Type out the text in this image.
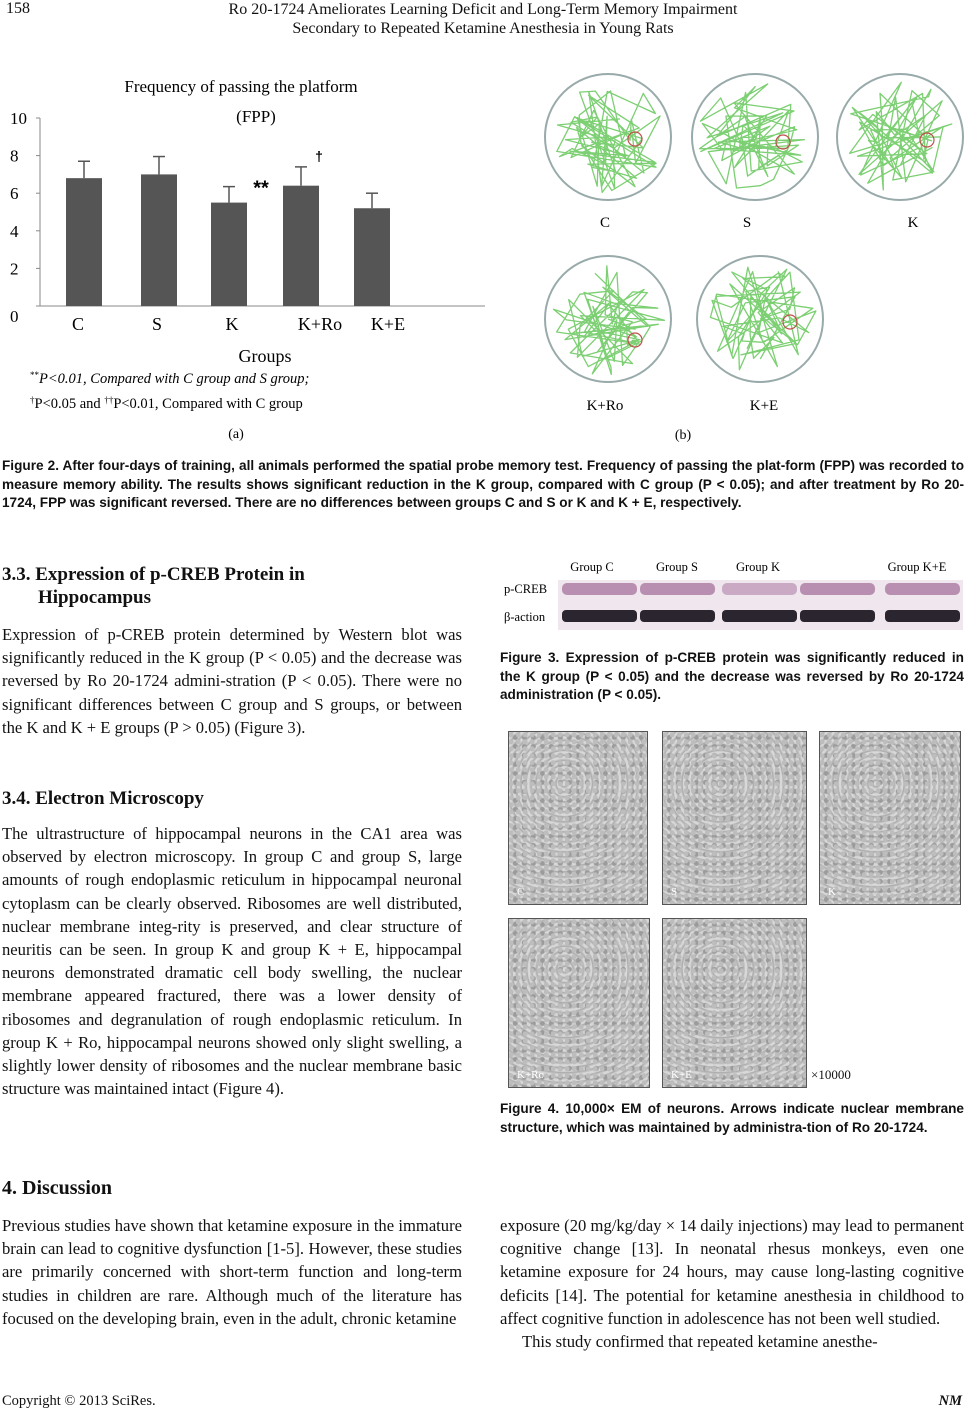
158	Ro 20-1724 Ameliorates Learning Deficit and Long-Term Memory Impairment
Secondary to Repeated Ketamine Anesthesia in Young Rats
Frequency of passing the platform
(FPP)
0
2
4
6
8
10
**
†
C	S	K	K+Ro K+E
Groups
**P<0.01, Compared with C group and S group;
†P<0.05 and ††P<0.01, Compared with C group
(a)
C	S	K
K+Ro	K+E
(b)
Figure 2. After four-days of training, all animals performed the spatial probe memory test. Frequency of passing the plat-form (FPP) was recorded to measure memory ability. The results shows significant reduction in the K group, compared with C group (P < 0.05); and after treatment by Ro 20-1724, FPP was significant reversed. There are no differences between groups C and S or K and K + E, respectively.
3.3. Expression of p-CREB Protein in
Hippocampus
Expression of p-CREB protein determined by Western blot was significantly reduced in the K group (P < 0.05) and the decrease was reversed by Ro 20-1724 admini-stration (P < 0.05). There were no significant differences between C group and S groups, or between the K and K + E groups (P > 0.05) (Figure 3).
Group C	Group S	Group K	Group K+E
p-CREB
β-action
Figure 3. Expression of p-CREB protein was significantly reduced in the K group (P < 0.05) and the decrease was reversed by Ro 20-1724 administration (P < 0.05).
3.4. Electron Microscopy
The ultrastructure of hippocampal neurons in the CA1 area was observed by electron microscopy. In group C and group S, large amounts of rough endoplasmic reticulum in hippocampal neuronal cytoplasm can be clearly observed. Ribosomes are well distributed, nuclear membrane integ-rity is preserved, and clear structure of neuritis can be seen. In group K and group K + E, hippocampal neurons demonstrated dramatic cell body swelling, the nuclear membrane appeared fractured, there was a lower density of ribosomes and degranulation of rough endoplasmic reticulum. In group K + Ro, hippocampal neurons showed only slight swelling, a slightly lower density of ribosomes and the nuclear membrane basic structure was maintained intact (Figure 4).
C	S	K
K+Ro	K+E	×10000
Figure 4. 10,000× EM of neurons. Arrows indicate nuclear membrane structure, which was maintained by administra-tion of Ro 20-1724.
4. Discussion
Previous studies have shown that ketamine exposure in the immature brain can lead to cognitive dysfunction [1-5]. However, these studies are primarily concerned with short-term function and long-term studies in children are rare. Although much of the literature has focused on the developing brain, even in the adult, chronic ketamine
exposure (20 mg/kg/day × 14 daily injections) may lead to permanent cognitive change [13]. In neonatal rhesus monkeys, even one ketamine exposure for 24 hours, may cause long-lasting cognitive deficits [14]. The potential for ketamine anesthesia in childhood to affect cognitive function in adolescence has not been well studied.
This study confirmed that repeated ketamine anesthe-
Copyright © 2013 SciRes.	NM
